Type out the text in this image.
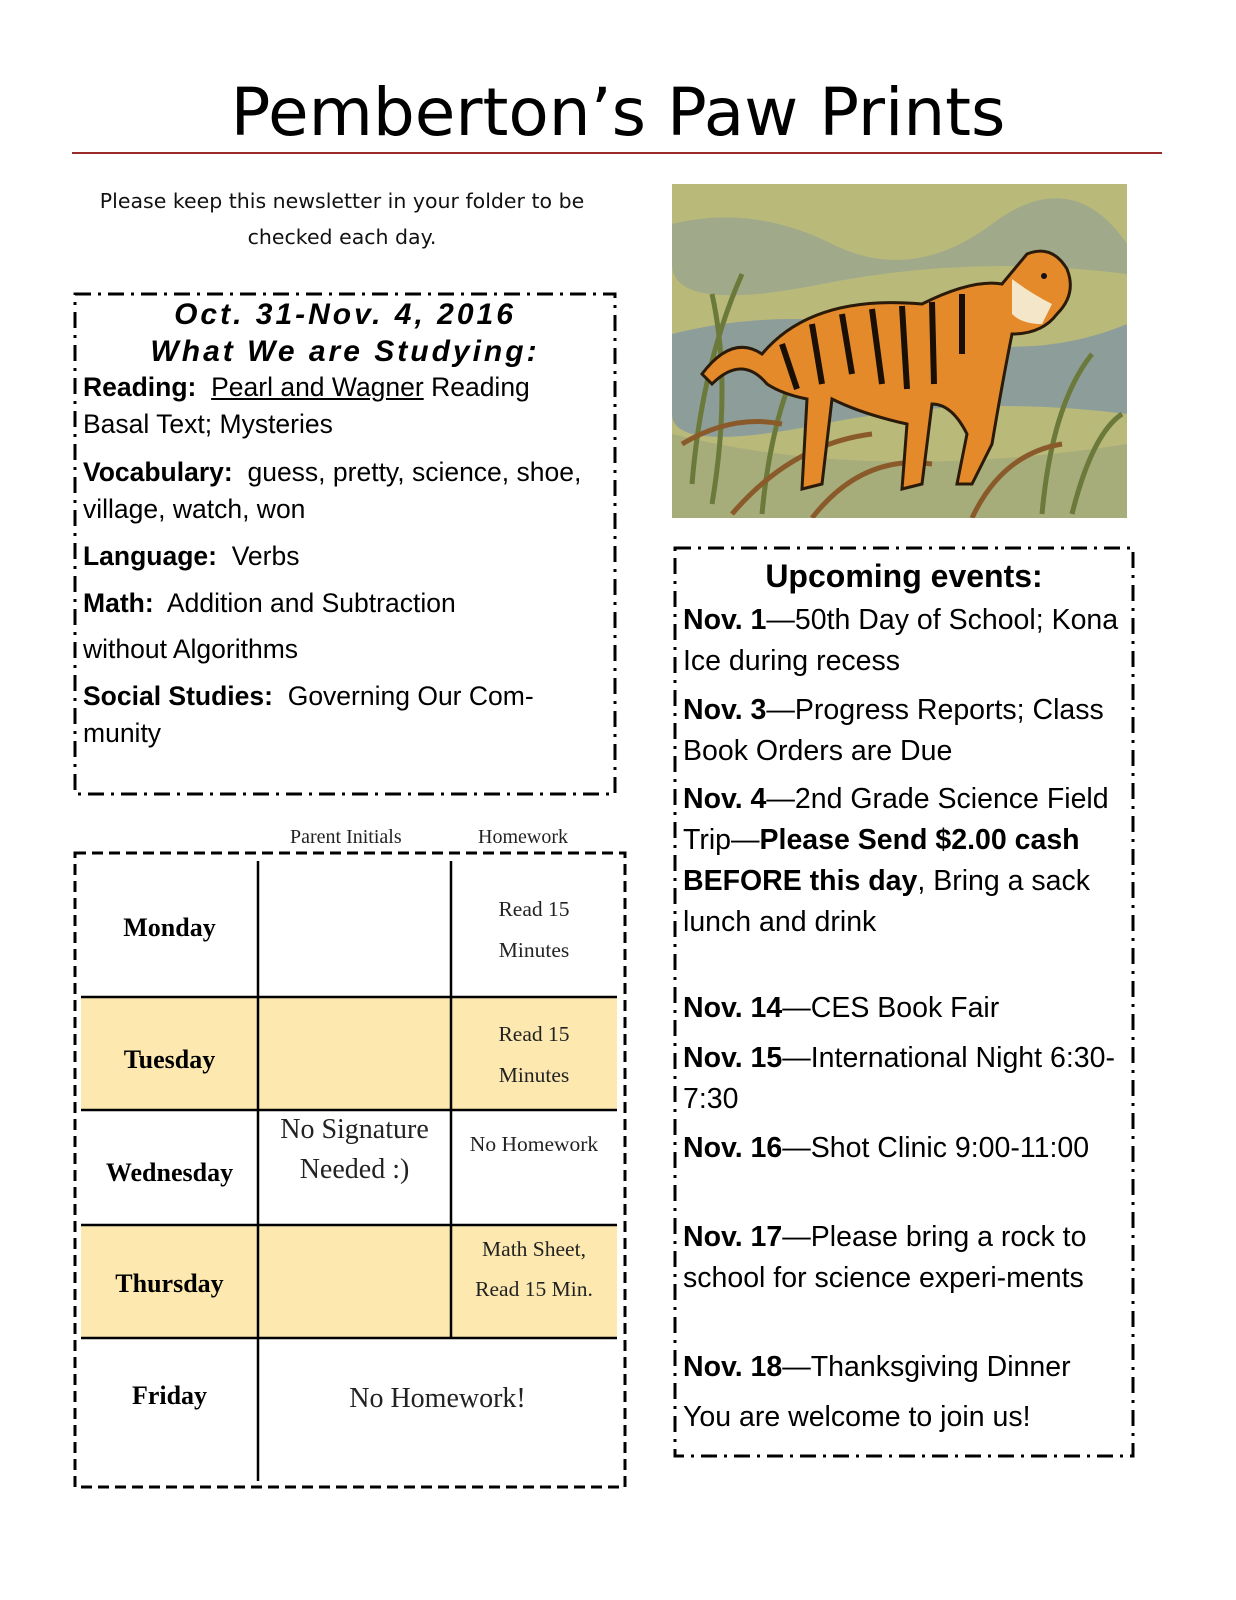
Pemberton’s Paw Prints
Please keep this newsletter in your folder to be checked each day.
Oct. 31-Nov. 4, 2016
What We are Studying:
Reading: Pearl and Wagner Reading Basal Text; Mysteries
Vocabulary: guess, pretty, science, shoe, village, watch, won
Language: Verbs
Math: Addition and Subtraction
without Algorithms
Social Studies: Governing Our Com-munity
Upcoming events:
Nov. 1—50th Day of School; Kona Ice during recess
Nov. 3—Progress Reports; Class Book Orders are Due
Nov. 4—2nd Grade Science Field Trip—Please Send $2.00 cash BEFORE this day, Bring a sack lunch and drink
Nov. 14—CES Book Fair
Nov. 15—International Night 6:30-7:30
Nov. 16—Shot Clinic 9:00-11:00
Nov. 17—Please bring a rock to school for science experi-ments
Nov. 18—Thanksgiving Dinner
You are welcome to join us!
Parent Initials	Homework
Monday
Read 15
Minutes
Tuesday
Read 15
Minutes
Wednesday
No Signature
Needed :)
No Homework
Thursday
Math Sheet,
Read 15 Min.
Friday	No Homework!
